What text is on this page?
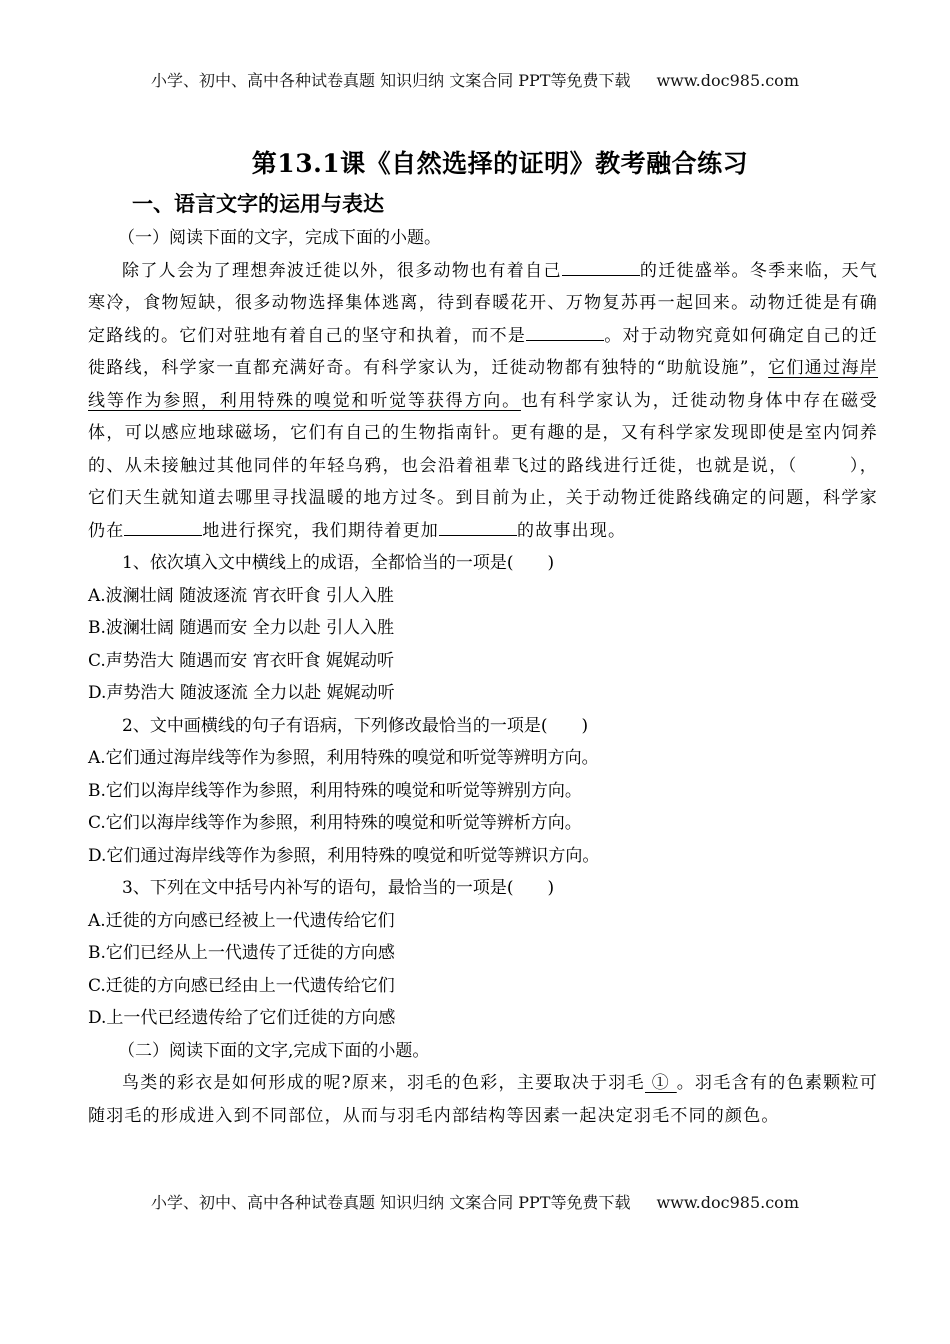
小学、初中、高中各种试卷真题 知识归纳 文案合同 PPT等免费下载 www.doc985.com
第13.1课《自然选择的证明》教考融合练习
一、语言文字的运用与表达
（一）阅读下面的文字，完成下面的小题。

除了人会为了理想奔波迁徙以外，很多动物也有着自己	的迁徙盛举。冬季来临，天气寒冷，食物短缺，很多动物选择集体逃离，待到春暖花开、万物复苏再一起回来。动物迁徙是有确定路线的。它们对驻地有着自己的坚守和执着，而不是	。对于动物究竟如何确定自己的迁徙路线，科学家一直都充满好奇。有科学家认为，迁徙动物都有独特的“助航设施”，它们通过海岸线等作为参照，利用特殊的嗅觉和听觉等获得方向。也有科学家认为，迁徙动物身体中存在磁受体，可以感应地球磁场，它们有自己的生物指南针。更有趣的是，又有科学家发现即使是室内饲养的、从未接触过其他同伴的年轻乌鸦，也会沿着祖辈飞过的路线进行迁徙，也就是说，（	），它们天生就知道去哪里寻找温暖的地方过冬。到目前为止，关于动物迁徙路线确定的问题，科学家仍在	地进行探究，我们期待着更加	的故事出现。

1、依次填入文中横线上的成语，全都恰当的一项是(　　)
A.波澜壮阔 随波逐流 宵衣旰食 引人入胜
B.波澜壮阔 随遇而安 全力以赴 引人入胜
C.声势浩大 随遇而安 宵衣旰食 娓娓动听
D.声势浩大 随波逐流 全力以赴 娓娓动听
2、文中画横线的句子有语病，下列修改最恰当的一项是(　　)
A.它们通过海岸线等作为参照，利用特殊的嗅觉和听觉等辨明方向。
B.它们以海岸线等作为参照，利用特殊的嗅觉和听觉等辨别方向。
C.它们以海岸线等作为参照，利用特殊的嗅觉和听觉等辨析方向。
D.它们通过海岸线等作为参照，利用特殊的嗅觉和听觉等辨识方向。
3、下列在文中括号内补写的语句，最恰当的一项是(　　)
A.迁徙的方向感已经被上一代遗传给它们
B.它们已经从上一代遗传了迁徙的方向感
C.迁徙的方向感已经由上一代遗传给它们
D.上一代已经遗传给了它们迁徙的方向感
（二）阅读下面的文字,完成下面的小题。

鸟类的彩衣是如何形成的呢?原来，羽毛的色彩，主要取决于羽毛 ① 。羽毛含有的色素颗粒可随羽毛的形成进入到不同部位，从而与羽毛内部结构等因素一起决定羽毛不同的颜色。

小学、初中、高中各种试卷真题 知识归纳 文案合同 PPT等免费下载 www.doc985.com
